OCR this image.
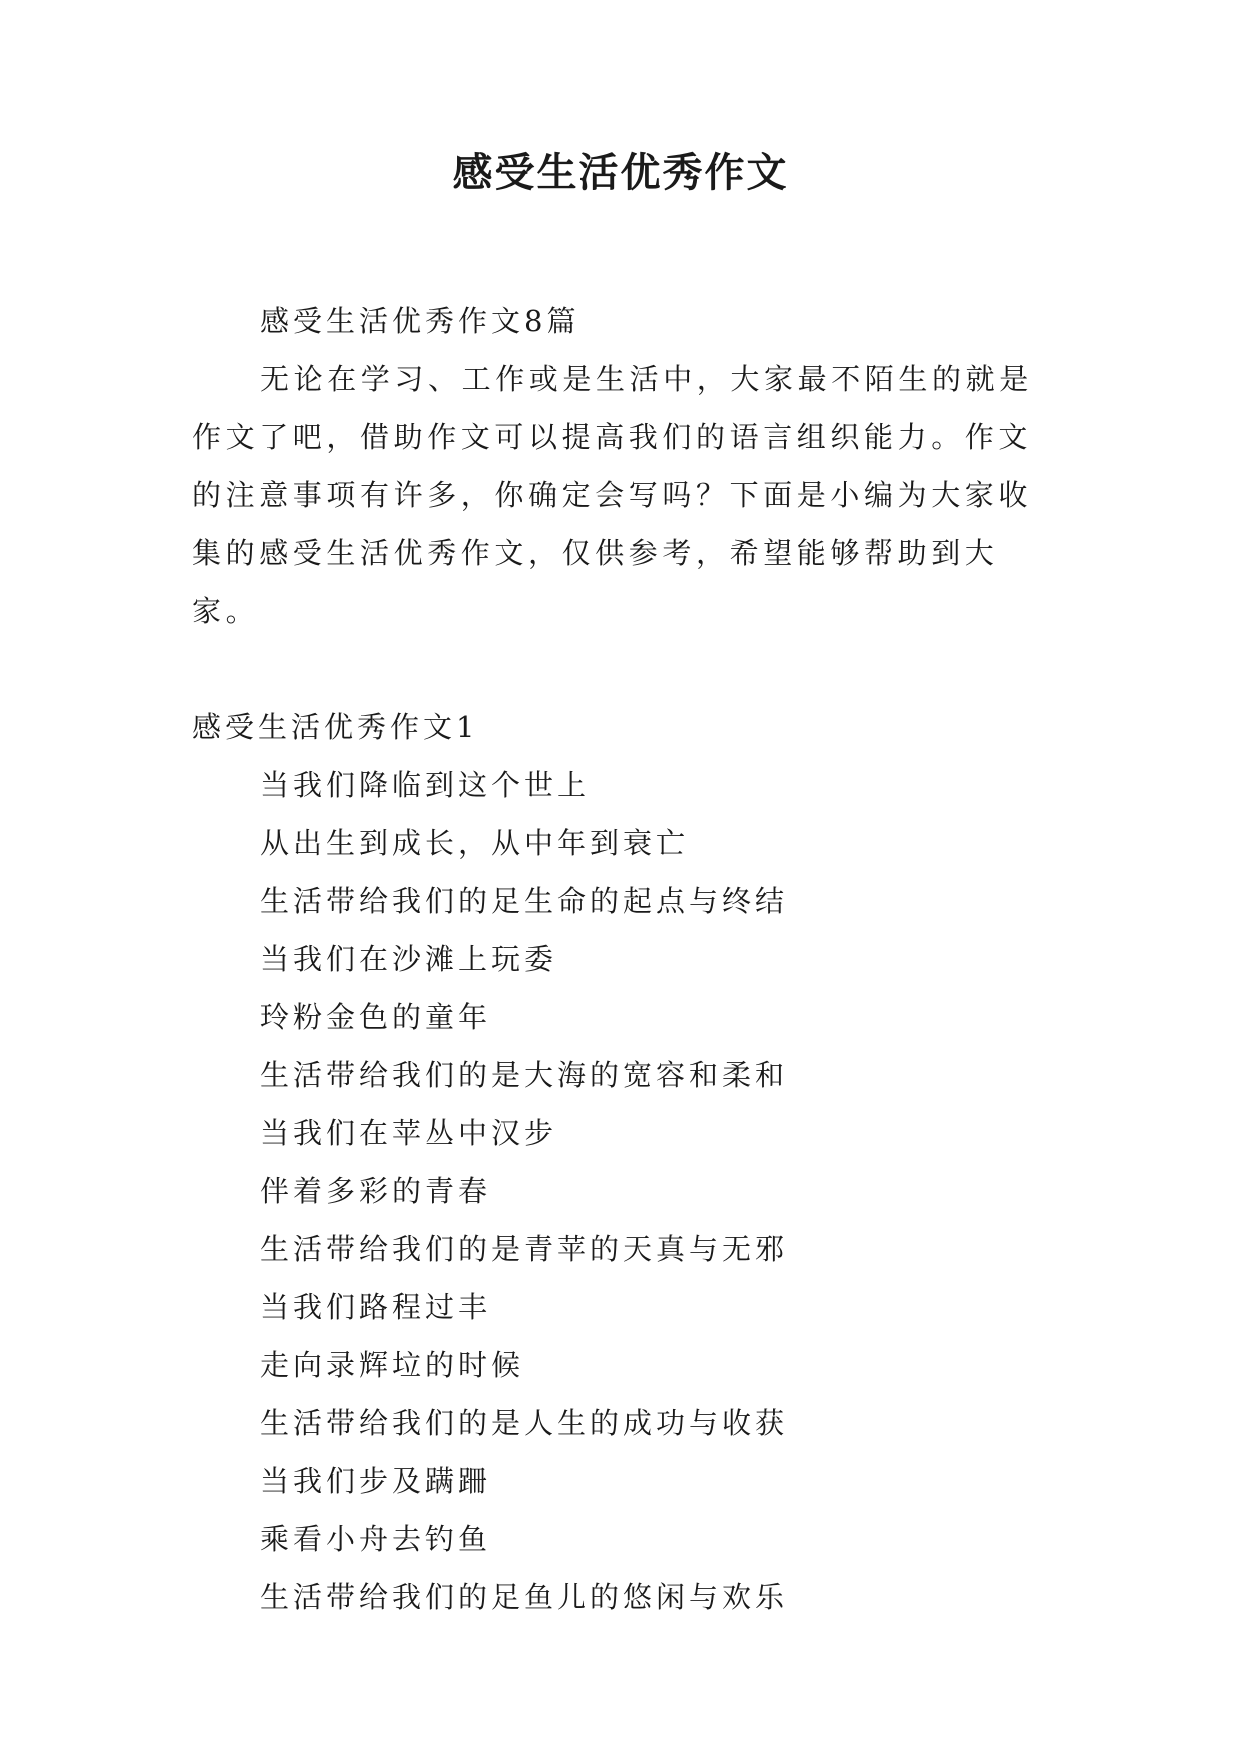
感受生活优秀作文
感受生活优秀作文8篇
无论在学习、工作或是生活中，大家最不陌生的就是作文了吧，借助作文可以提高我们的语言组织能力。作文的注意事项有许多，你确定会写吗？下面是小编为大家收集的感受生活优秀作文，仅供参考，希望能够帮助到大家。
感受生活优秀作文1
当我们降临到这个世上
从出生到成长，从中年到衰亡
生活带给我们的足生命的起点与终结
当我们在沙滩上玩委
玲粉金色的童年
生活带给我们的是大海的宽容和柔和
当我们在苹丛中汉步
伴着多彩的青春
生活带给我们的是青苹的天真与无邪
当我们路程过丰
走向录辉垃的时候
生活带给我们的是人生的成功与收获
当我们步及蹒跚
乘看小舟去钓鱼
生活带给我们的足鱼儿的悠闲与欢乐
